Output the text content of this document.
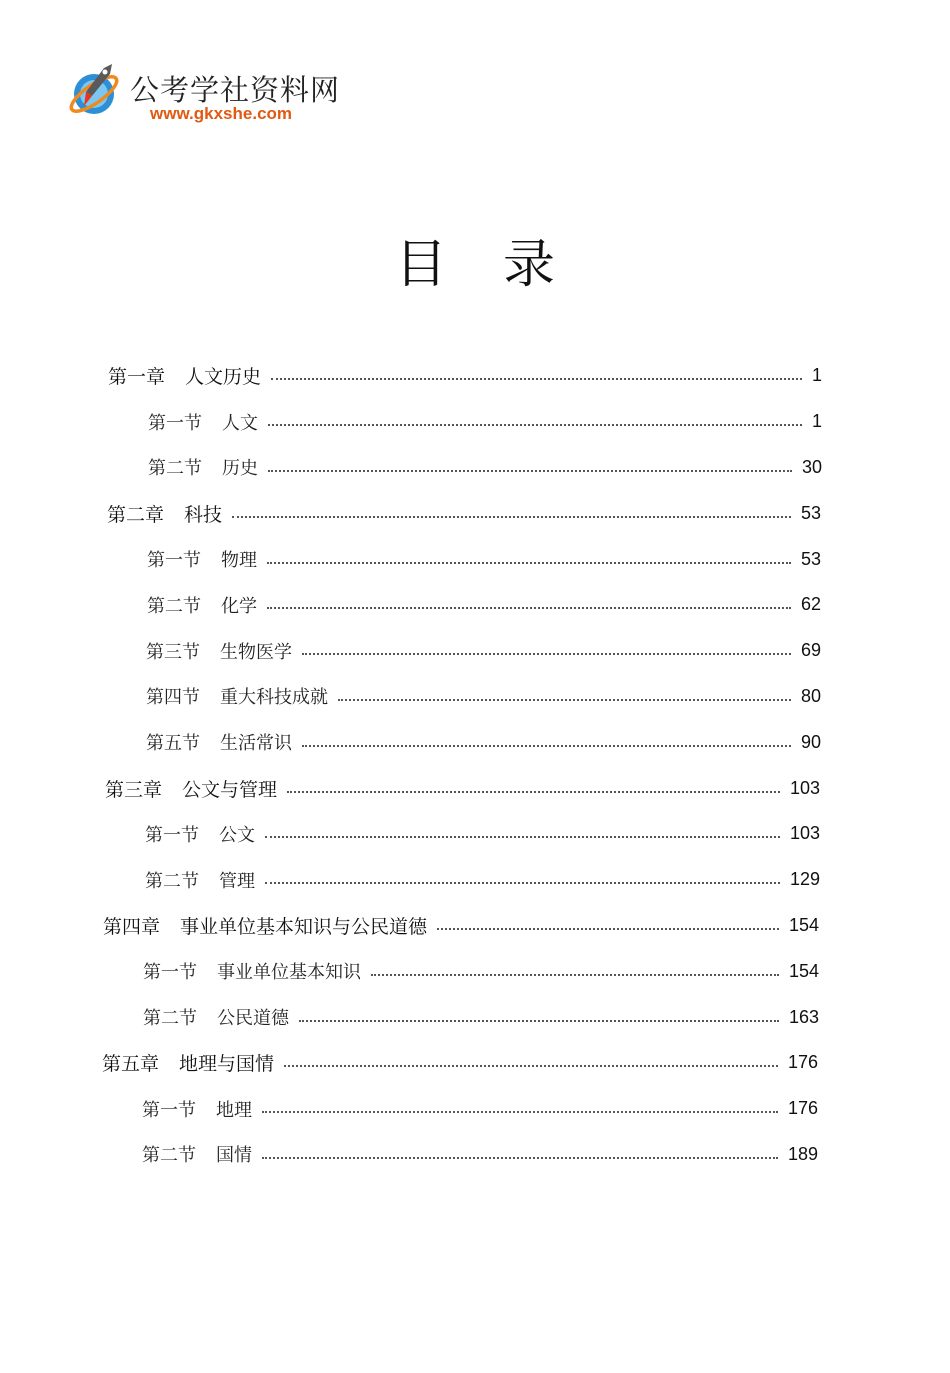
公考学社资料网
www.gkxshe.com
目录
第一章 人文历史	1
第一节 人文	1
第二节 历史	30
第二章 科技	53
第一节 物理	53
第二节 化学	62
第三节 生物医学	69
第四节 重大科技成就	80
第五节 生活常识	90
第三章 公文与管理	103
第一节 公文	103
第二节 管理	129
第四章 事业单位基本知识与公民道德	154
第一节 事业单位基本知识	154
第二节 公民道德	163
第五章 地理与国情	176
第一节 地理	176
第二节 国情	189
